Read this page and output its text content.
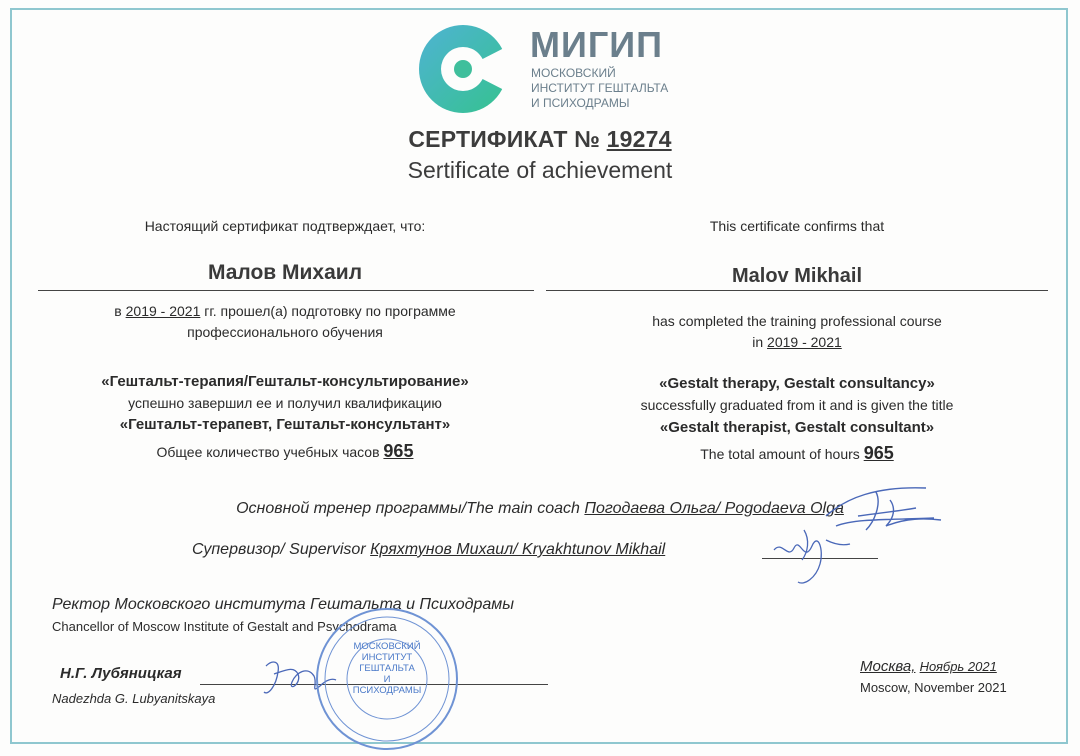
МИГИП
МОСКОВСКИЙ
ИНСТИТУТ ГЕШТАЛЬТА
И ПСИХОДРАМЫ
СЕРТИФИКАТ № 19274
Sertificate of achievement
Настоящий сертификат подтверждает, что:
Малов Михаил
в 2019 - 2021 гг. прошел(а) подготовку по программе
профессионального обучения
«Гештальт-терапия/Гештальт-консультирование»
успешно завершил ее и получил квалификацию
«Гештальт-терапевт, Гештальт-консультант»
Общее количество учебных часов 965
This certificate confirms that
Malov Mikhail
has completed the training professional course
in 2019 - 2021
«Gestalt therapy, Gestalt consultancy»
successfully graduated from it and is given the title
«Gestalt therapist, Gestalt consultant»
The total amount of hours 965
Основной тренер программы/The main coach Погодаева Ольга/ Pogodaeva Olga
Супервизор/ Supervisor Кряхтунов Михаил/ Kryakhtunov Mikhail
Ректор Московского института Гештальта и Психодрамы
Chancellor of Moscow Institute of Gestalt and Psychodrama
Н.Г. Лубяницкая
Nadezhda G. Lubyanitskaya
МОСКОВСКИЙ
ИНСТИТУТ
ГЕШТАЛЬТА
И
ПСИХОДРАМЫ
Москва, Ноябрь 2021
Moscow, November 2021
